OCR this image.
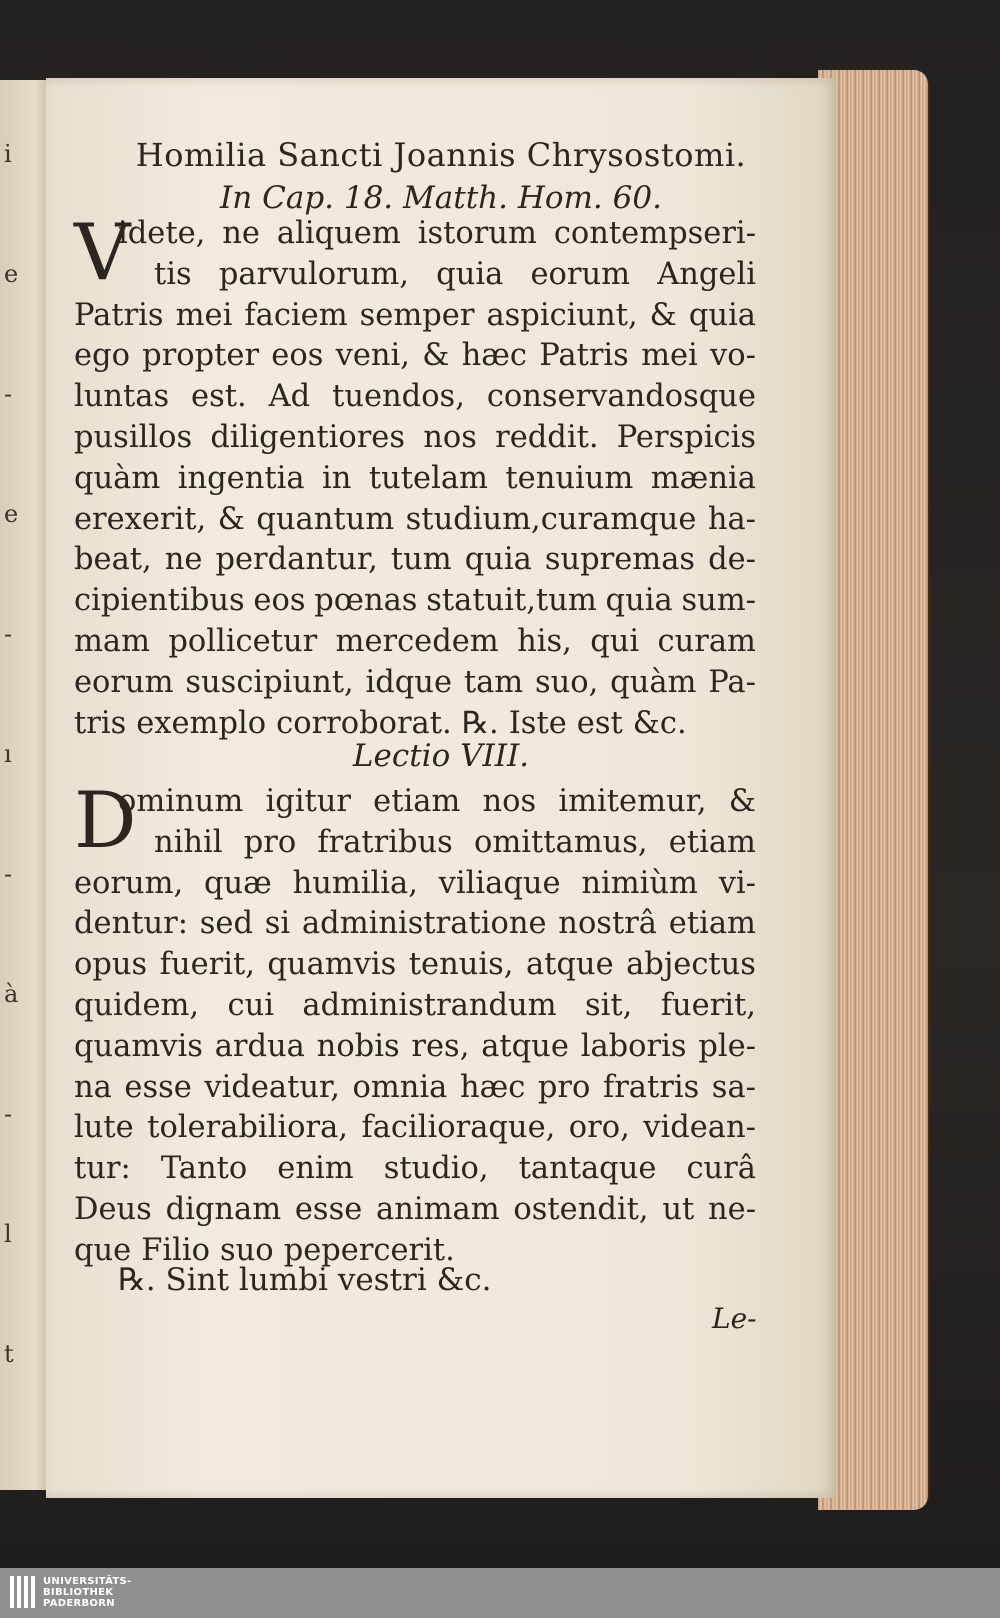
i
e
-
e
-
ı
-
à
-
l
t
Homilia Sancti Joannis Chrysostomi.
In Cap. 18. Matth. Hom. 60.
V
idete, ne aliquem istorum contempseri-
tis parvulorum, quia eorum Angeli
Patris mei faciem semper aspiciunt, & quia
ego propter eos veni, & hæc Patris mei vo-
luntas est. Ad tuendos, conservandosque
pusillos diligentiores nos reddit. Perspicis
quàm ingentia in tutelam tenuium mænia
erexerit, & quantum studium,curamque ha-
beat, ne perdantur, tum quia supremas de-
cipientibus eos pœnas statuit,tum quia sum-
mam pollicetur mercedem his, qui curam
eorum suscipiunt, idque tam suo, quàm Pa-
tris exemplo corroborat. ℞. Iste est &c.
Lectio VIII.
D
ominum igitur etiam nos imitemur, &
nihil pro fratribus omittamus, etiam
eorum, quæ humilia, viliaque nimiùm vi-
dentur: sed si administratione nostrâ etiam
opus fuerit, quamvis tenuis, atque abjectus
quidem, cui administrandum sit, fuerit,
quamvis ardua nobis res, atque laboris ple-
na esse videatur, omnia hæc pro fratris sa-
lute tolerabiliora, facilioraque, oro, videan-
tur: Tanto enim studio, tantaque curâ
Deus dignam esse animam ostendit, ut ne-
que Filio suo pepercerit.
℞. Sint lumbi vestri &c.
Le-
UNIVERSITÄTS-
BIBLIOTHEK
PADERBORN
